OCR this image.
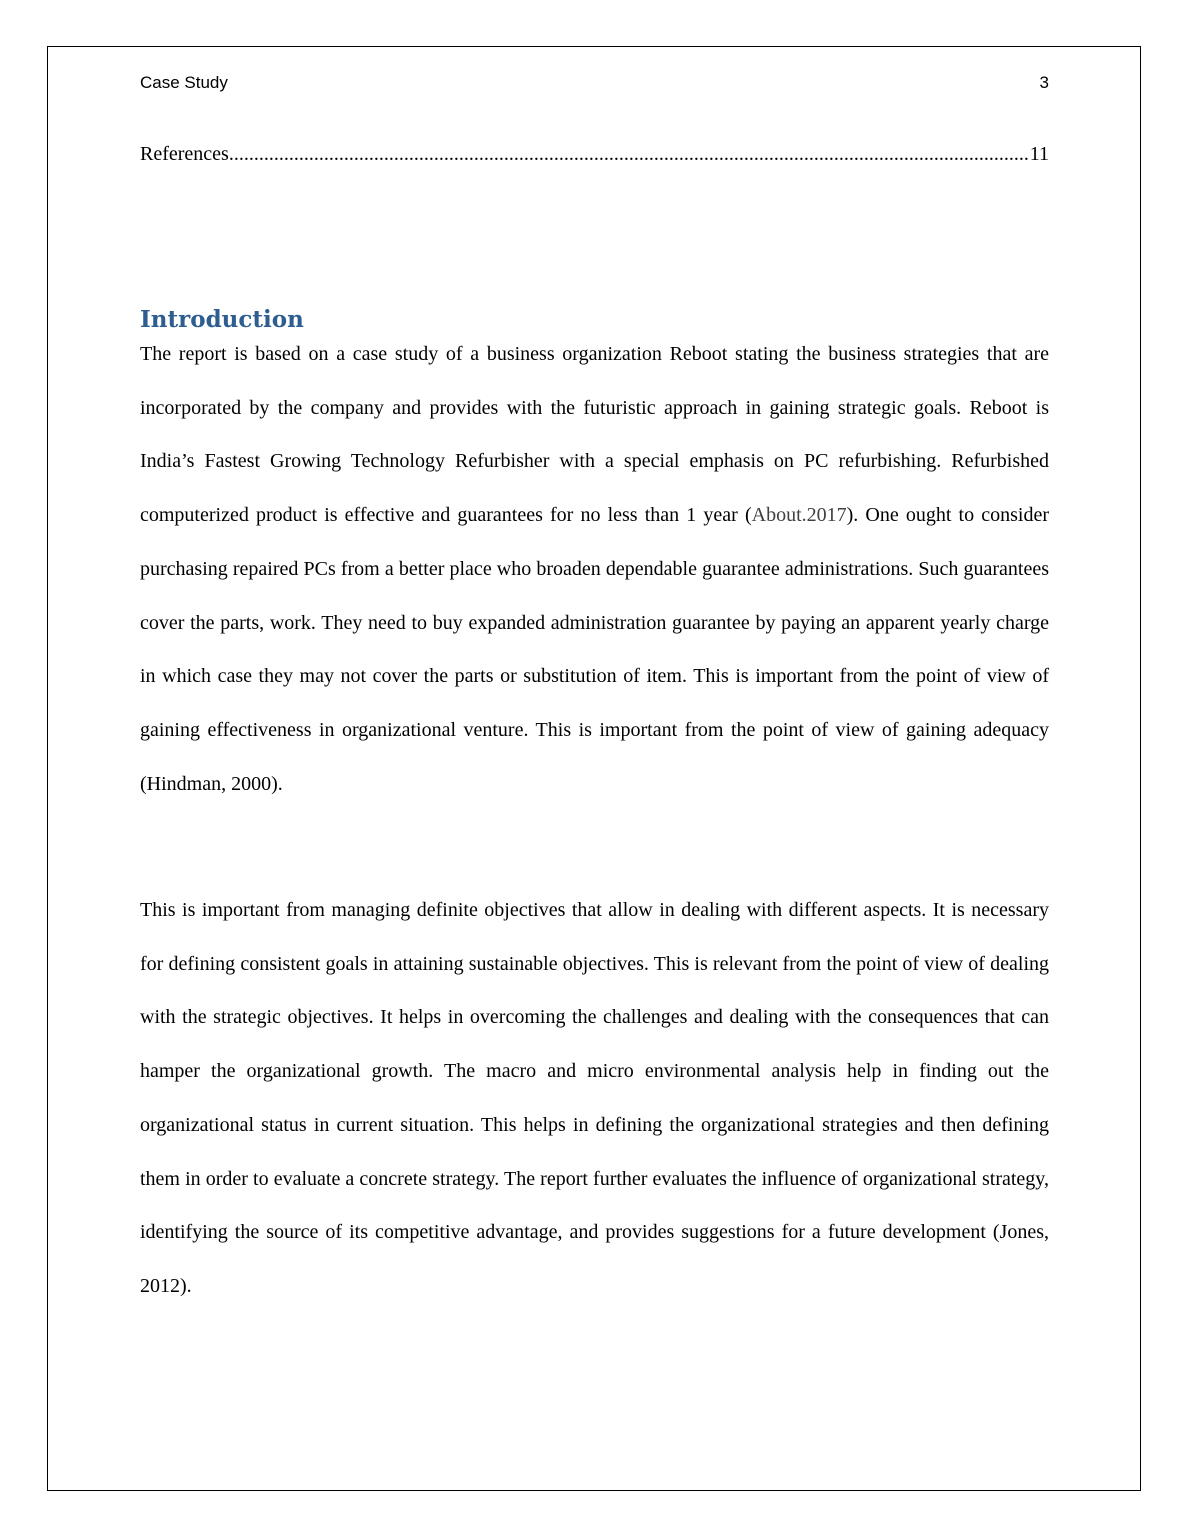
Case Study	3
References
.....	11
Introduction

The report is based on a case study of a business organization Reboot stating the business strategies that are incorporated by the company and provides with the futuristic approach in gaining strategic goals. Reboot is India’s Fastest Growing Technology Refurbisher with a special emphasis on PC refurbishing. Refurbished computerized product is effective and guarantees for no less than 1 year (About.2017). One ought to consider purchasing repaired PCs from a better place who broaden dependable guarantee administrations. Such guarantees cover the parts, work. They need to buy expanded administration guarantee by paying an apparent yearly charge in which case they may not cover the parts or substitution of item. This is important from the point of view of gaining effectiveness in organizational venture. This is important from the point of view of gaining adequacy (Hindman, 2000).

This is important from managing definite objectives that allow in dealing with different aspects. It is necessary for defining consistent goals in attaining sustainable objectives. This is relevant from the point of view of dealing with the strategic objectives. It helps in overcoming the challenges and dealing with the consequences that can hamper the organizational growth. The macro and micro environmental analysis help in finding out the organizational status in current situation. This helps in defining the organizational strategies and then defining them in order to evaluate a concrete strategy. The report further evaluates the influence of organizational strategy, identifying the source of its competitive advantage, and provides suggestions for a future development (Jones, 2012).
